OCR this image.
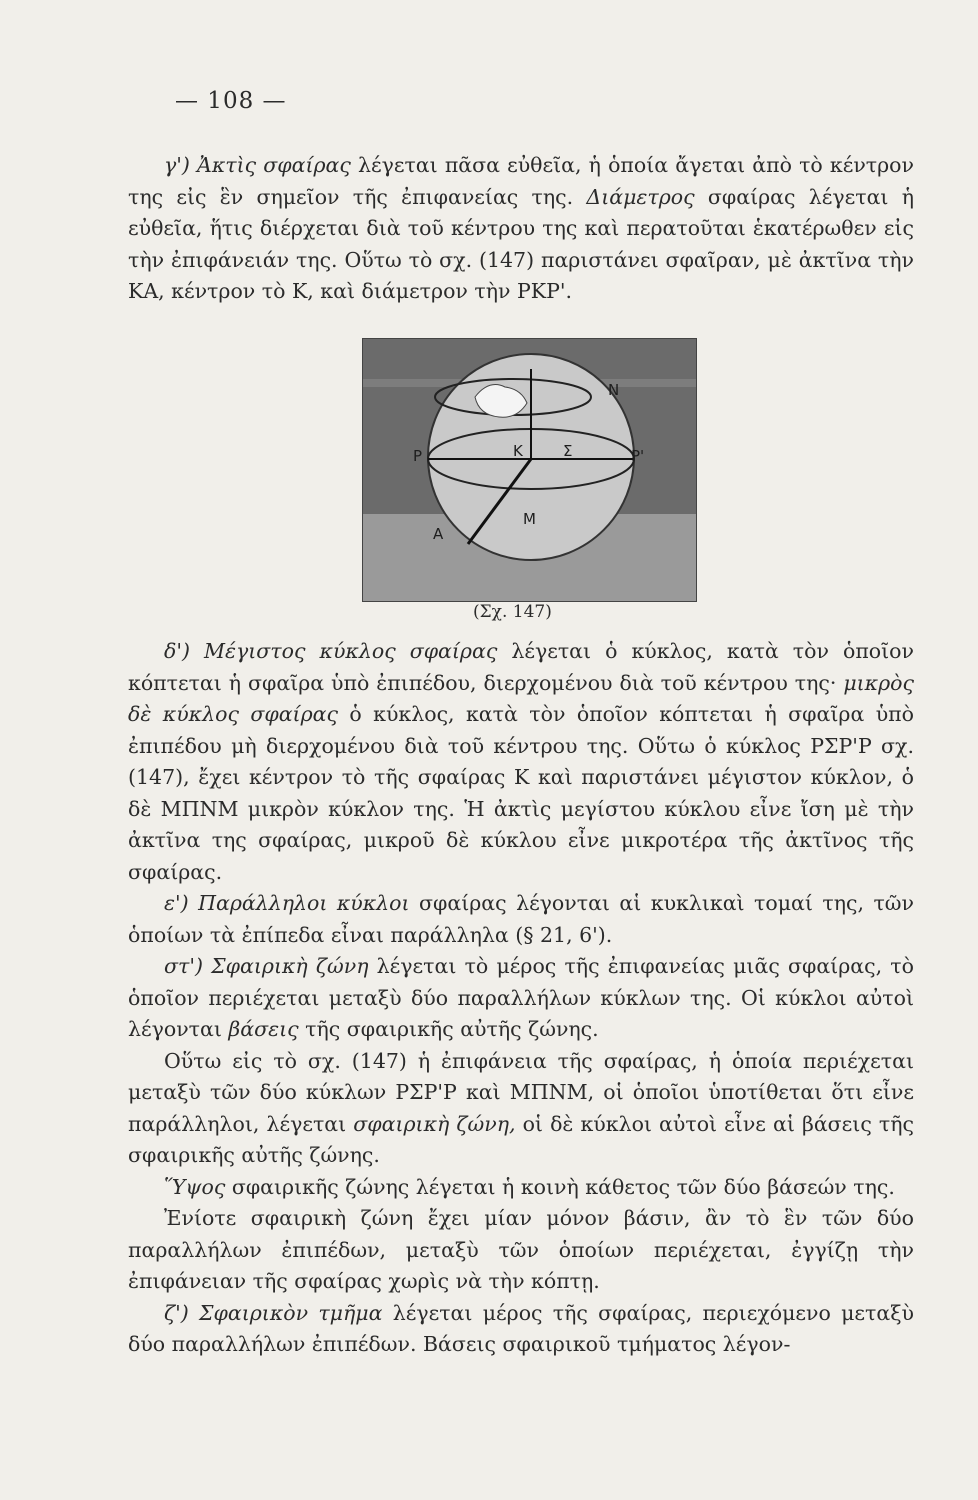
— 108 —

γ') Ἀκτὶς σφαίρας λέγεται πᾶσα εὐθεῖα, ἡ ὁποία ἄγεται ἀπὸ τὸ κέντρον της εἰς ἓν σημεῖον τῆς ἐπιφανείας της. Διάμετρος σφαίρας λέγεται ἡ εὐθεῖα, ἥτις διέρχεται διὰ τοῦ κέντρου της καὶ περατοῦται ἑκατέρωθεν εἰς τὴν ἐπιφάνειάν της. Οὕτω τὸ σχ. (147) παριστάνει σφαῖραν, μὲ ἀκτῖνα τὴν ΚΑ, κέντρον τὸ Κ, καὶ διάμετρον τὴν ΡΚΡ'.

K	Σ
P	P'
A
N
M
(Σχ. 147)

δ') Μέγιστος κύκλος σφαίρας λέγεται ὁ κύκλος, κατὰ τὸν ὁποῖον κόπτεται ἡ σφαῖρα ὑπὸ ἐπιπέδου, διερχομένου διὰ τοῦ κέντρου της· μικρὸς δὲ κύκλος σφαίρας ὁ κύκλος, κατὰ τὸν ὁποῖον κόπτεται ἡ σφαῖρα ὑπὸ ἐπιπέδου μὴ διερχομένου διὰ τοῦ κέντρου της. Οὕτω ὁ κύκλος ΡΣΡ'Ρ σχ. (147), ἔχει κέντρον τὸ τῆς σφαίρας Κ καὶ παριστάνει μέγιστον κύκλον, ὁ δὲ ΜΠΝΜ μικρὸν κύκλον της. Ἡ ἀκτὶς μεγίστου κύκλου εἶνε ἴση μὲ τὴν ἀκτῖνα της σφαίρας, μικροῦ δὲ κύκλου εἶνε μικροτέρα τῆς ἀκτῖνος τῆς σφαίρας.

ε') Παράλληλοι κύκλοι σφαίρας λέγονται αἱ κυκλικαὶ τομαί της, τῶν ὁποίων τὰ ἐπίπεδα εἶναι παράλληλα (§ 21, 6').

στ') Σφαιρικὴ ζώνη λέγεται τὸ μέρος τῆς ἐπιφανείας μιᾶς σφαίρας, τὸ ὁποῖον περιέχεται μεταξὺ δύο παραλλήλων κύκλων της. Οἱ κύκλοι αὐτοὶ λέγονται βάσεις τῆς σφαιρικῆς αὐτῆς ζώνης.

Οὕτω εἰς τὸ σχ. (147) ἡ ἐπιφάνεια τῆς σφαίρας, ἡ ὁποία περιέχεται μεταξὺ τῶν δύο κύκλων ΡΣΡ'Ρ καὶ ΜΠΝΜ, οἱ ὁποῖοι ὑποτίθεται ὅτι εἶνε παράλληλοι, λέγεται σφαιρικὴ ζώνη, οἱ δὲ κύκλοι αὐτοὶ εἶνε αἱ βάσεις τῆς σφαιρικῆς αὐτῆς ζώνης.

Ὕψος σφαιρικῆς ζώνης λέγεται ἡ κοινὴ κάθετος τῶν δύο βάσεών της.

Ἐνίοτε σφαιρικὴ ζώνη ἔχει μίαν μόνον βάσιν, ἂν τὸ ἓν τῶν δύο παραλλήλων ἐπιπέδων, μεταξὺ τῶν ὁποίων περιέχεται, ἐγγίζῃ τὴν ἐπιφάνειαν τῆς σφαίρας χωρὶς νὰ τὴν κόπτῃ.

ζ') Σφαιρικὸν τμῆμα λέγεται μέρος τῆς σφαίρας, περιεχόμενο μεταξὺ δύο παραλλήλων ἐπιπέδων. Βάσεις σφαιρικοῦ τμήματος λέγον-
